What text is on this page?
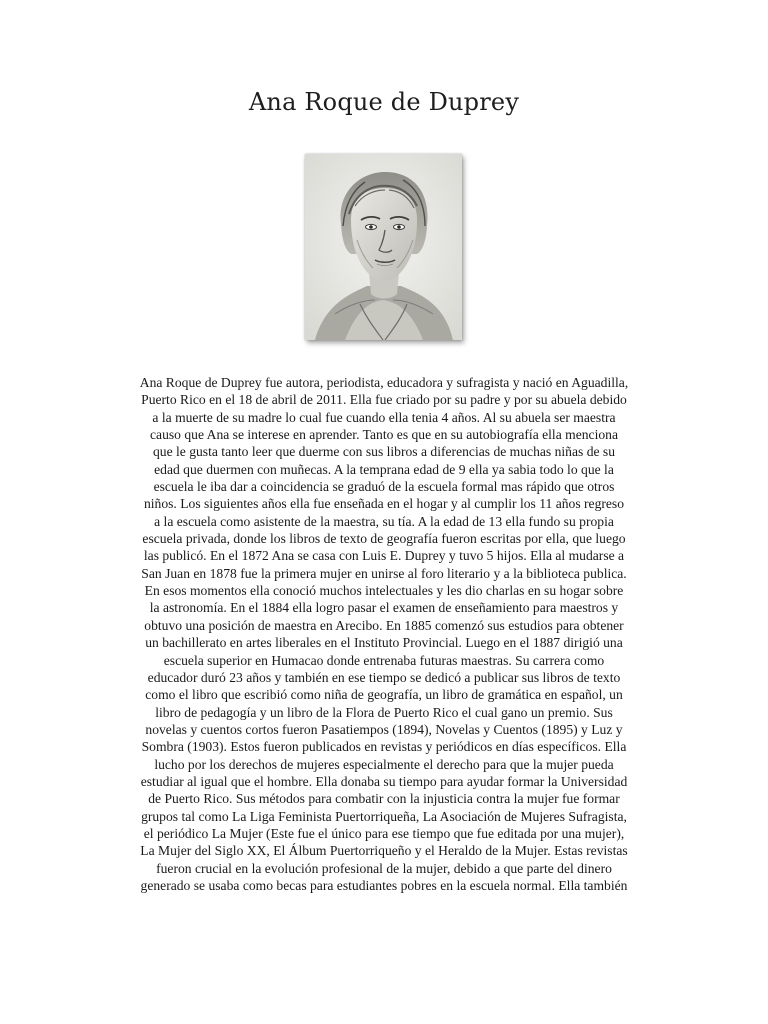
Ana Roque de Duprey

Ana Roque de Duprey fue autora, periodista, educadora y sufragista y nació en Aguadilla,
Puerto Rico en el 18 de abril de 2011. Ella fue criado por su padre y por su abuela debido
a la muerte de su madre lo cual fue cuando ella tenia 4 años. Al su abuela ser maestra
causo que Ana se interese en aprender. Tanto es que en su autobiografía ella menciona
que le gusta tanto leer que duerme con sus libros a diferencias de muchas niñas de su
edad que duermen con muñecas. A la temprana edad de 9 ella ya sabia todo lo que la
escuela le iba dar a coincidencia se graduó de la escuela formal mas rápido que otros
niños. Los siguientes años ella fue enseñada en el hogar y al cumplir los 11 años regreso
a la escuela como asistente de la maestra, su tía. A la edad de 13 ella fundo su propia
escuela privada, donde los libros de texto de geografía fueron escritas por ella, que luego
las publicó. En el 1872 Ana se casa con Luis E. Duprey y tuvo 5 hijos. Ella al mudarse a
San Juan en 1878 fue la primera mujer en unirse al foro literario y a la biblioteca publica.
En esos momentos ella conoció muchos intelectuales y les dio charlas en su hogar sobre
la astronomía. En el 1884 ella logro pasar el examen de enseñamiento para maestros y
obtuvo una posición de maestra en Arecibo. En 1885 comenzó sus estudios para obtener
un bachillerato en artes liberales en el Instituto Provincial. Luego en el 1887 dirigió una
escuela superior en Humacao donde entrenaba futuras maestras. Su carrera como
educador duró 23 años y también en ese tiempo se dedicó a publicar sus libros de texto
como el libro que escribió como niña de geografía, un libro de gramática en español, un
libro de pedagogía y un libro de la Flora de Puerto Rico el cual gano un premio. Sus
novelas y cuentos cortos fueron Pasatiempos (1894), Novelas y Cuentos (1895) y Luz y
Sombra (1903). Estos fueron publicados en revistas y periódicos en días específicos. Ella
lucho por los derechos de mujeres especialmente el derecho para que la mujer pueda
estudiar al igual que el hombre. Ella donaba su tiempo para ayudar formar la Universidad
de Puerto Rico. Sus métodos para combatir con la injusticia contra la mujer fue formar
grupos tal como La Liga Feminista Puertorriqueña, La Asociación de Mujeres Sufragista,
el periódico La Mujer (Este fue el único para ese tiempo que fue editada por una mujer),
La Mujer del Siglo XX, El Álbum Puertorriqueño y el Heraldo de la Mujer. Estas revistas
fueron crucial en la evolución profesional de la mujer, debido a que parte del dinero
generado se usaba como becas para estudiantes pobres en la escuela normal. Ella también
